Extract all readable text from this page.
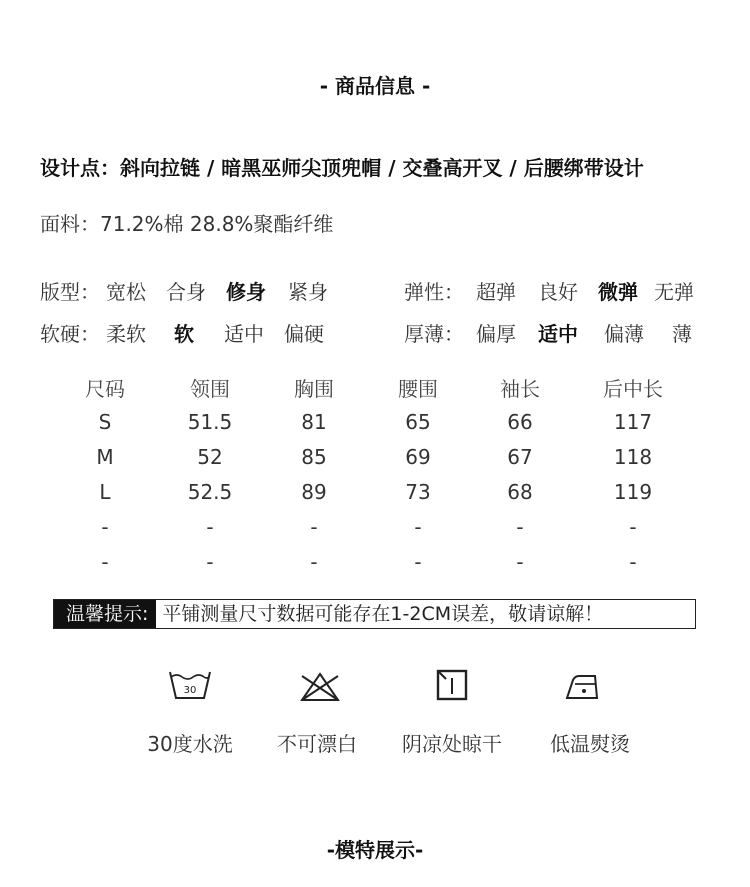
- 商品信息 -
设计点：斜向拉链 / 暗黑巫师尖顶兜帽 / 交叠高开叉 / 后腰绑带设计
面料：71.2%棉 28.8%聚酯纤维
版型： 宽松 合身 修身 紧身	弹性： 超弹 良好 微弹 无弹
软硬： 柔软 软 适中 偏硬	厚薄： 偏厚 适中 偏薄 薄
尺码	领围	胸围	腰围	袖长	后中长
S	51.5	81	65	66	117
M	52	85	69	67	118
L	52.5	89	73	68	119
-	-	-	-	-	-
-	-	-	-	-	-
温馨提示: 平铺测量尺寸数据可能存在1-2CM误差，敬请谅解！
30
30度水洗	不可漂白	阴凉处晾干	低温熨烫
-模特展示-
